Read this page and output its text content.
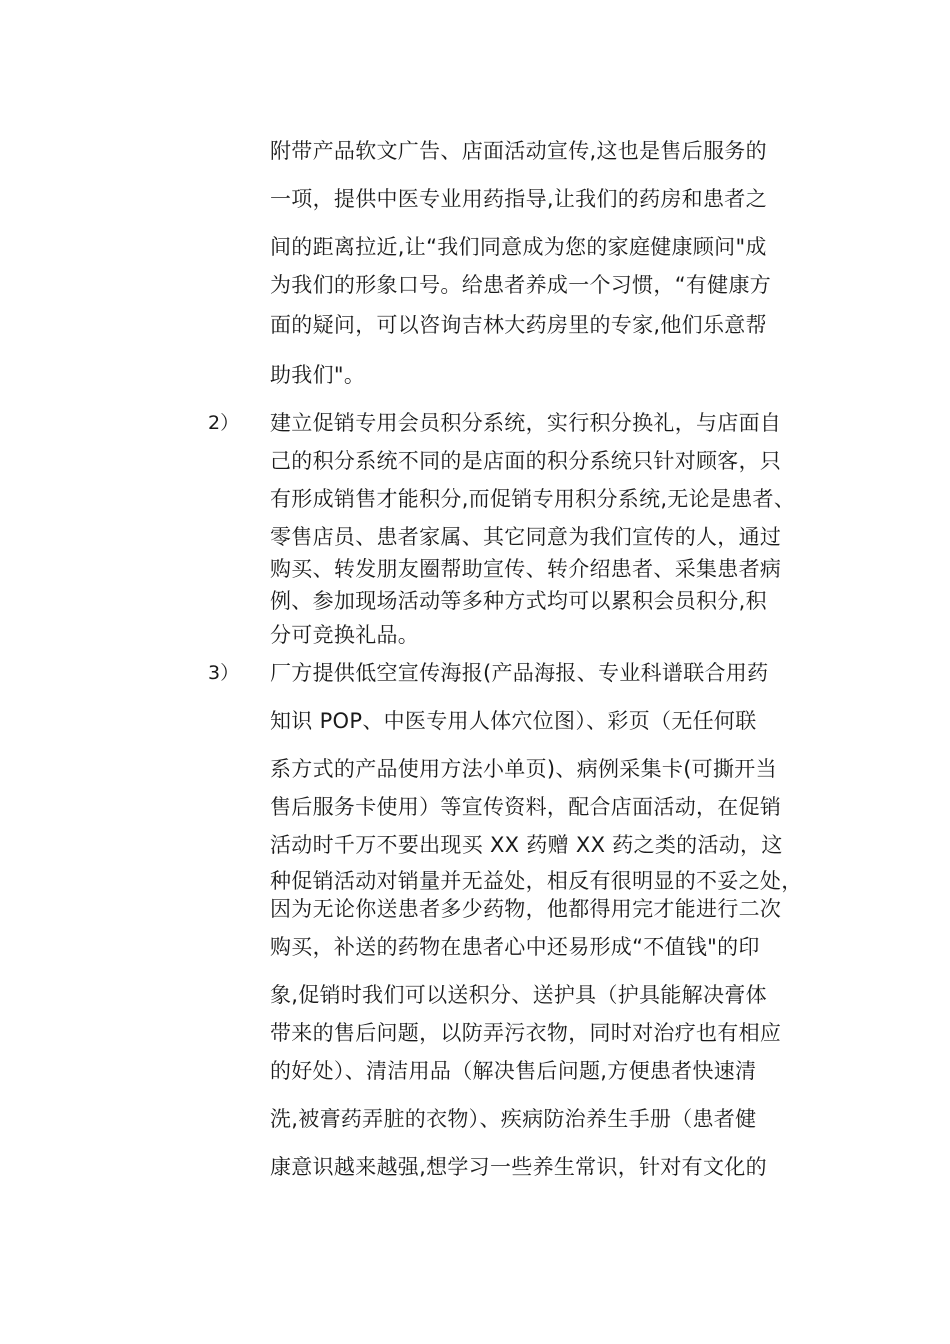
附带产品软文广告、店面活动宣传,这也是售后服务的
一项，提供中医专业用药指导,让我们的药房和患者之
间的距离拉近,让“我们同意成为您的家庭健康顾问"成
为我们的形象口号。给患者养成一个习惯，“有健康方
面的疑问，可以咨询吉林大药房里的专家,他们乐意帮
助我们"。
2） 建立促销专用会员积分系统，实行积分换礼，与店面自
己的积分系统不同的是店面的积分系统只针对顾客，只
有形成销售才能积分,而促销专用积分系统,无论是患者、
零售店员、患者家属、其它同意为我们宣传的人，通过
购买、转发朋友圈帮助宣传、转介绍患者、采集患者病
例、参加现场活动等多种方式均可以累积会员积分,积
分可竞换礼品。
3） 厂方提供低空宣传海报(产品海报、专业科谱联合用药
知识 POP、中医专用人体穴位图）、彩页（无任何联
系方式的产品使用方法小单页)、病例采集卡(可撕开当
售后服务卡使用）等宣传资料，配合店面活动，在促销
活动时千万不要出现买 XX 药赠 XX 药之类的活动，这
种促销活动对销量并无益处，相反有很明显的不妥之处，
因为无论你送患者多少药物，他都得用完才能进行二次
购买，补送的药物在患者心中还易形成“不值钱"的印
象,促销时我们可以送积分、送护具（护具能解决膏体
带来的售后问题，以防弄污衣物，同时对治疗也有相应
的好处）、清洁用品（解决售后问题,方便患者快速清
洗,被膏药弄脏的衣物）、疾病防治养生手册（患者健
康意识越来越强,想学习一些养生常识，针对有文化的
